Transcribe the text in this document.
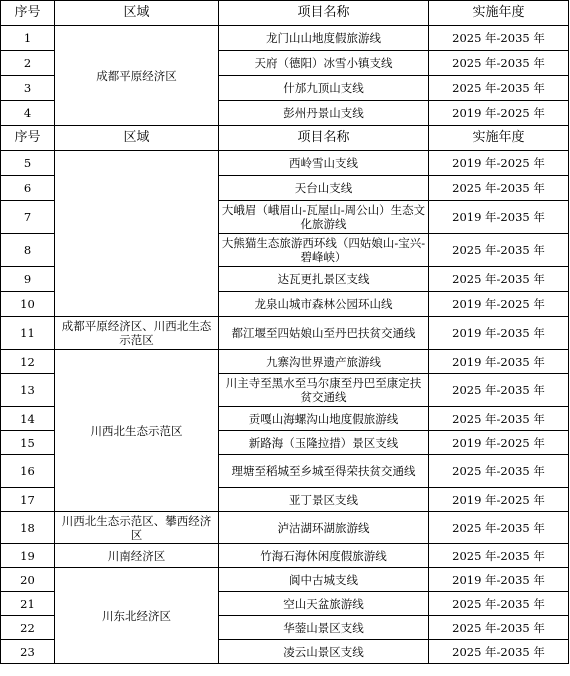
序号	区域	项目名称	实施年度
1	成都平原经济区	龙门山山地度假旅游线	2025 年-2035 年
2		天府（德阳）冰雪小镇支线	2025 年-2035 年
3		什邡九顶山支线	2025 年-2035 年
4		彭州丹景山支线	2019 年-2025 年
序号	区域	项目名称	实施年度
5		西岭雪山支线	2019 年-2025 年
6		天台山支线	2025 年-2035 年
7		大峨眉（峨眉山-瓦屋山-周公山）生态文化旅游线	2019 年-2035 年
8		大熊猫生态旅游西环线（四姑娘山-宝兴-碧峰峡）	2025 年-2035 年
9		达瓦更扎景区支线	2025 年-2035 年
10		龙泉山城市森林公园环山线	2019 年-2025 年
11	成都平原经济区、川西北生态示范区	都江堰至四姑娘山至丹巴扶贫交通线	2019 年-2035 年
12	川西北生态示范区	九寨沟世界遗产旅游线	2019 年-2035 年
13		川主寺至黑水至马尔康至丹巴至康定扶贫交通线	2025 年-2035 年
14		贡嘎山海螺沟山地度假旅游线	2025 年-2035 年
15		新路海（玉隆拉措）景区支线	2019 年-2025 年
16		理塘至稻城至乡城至得荣扶贫交通线	2025 年-2035 年
17		亚丁景区支线	2019 年-2025 年
18	川西北生态示范区、攀西经济区	泸沽湖环湖旅游线	2025 年-2035 年
19	川南经济区	竹海石海休闲度假旅游线	2025 年-2035 年
20	川东北经济区	阆中古城支线	2019 年-2035 年
21		空山天盆旅游线	2025 年-2035 年
22		华蓥山景区支线	2025 年-2035 年
23		凌云山景区支线	2025 年-2035 年
